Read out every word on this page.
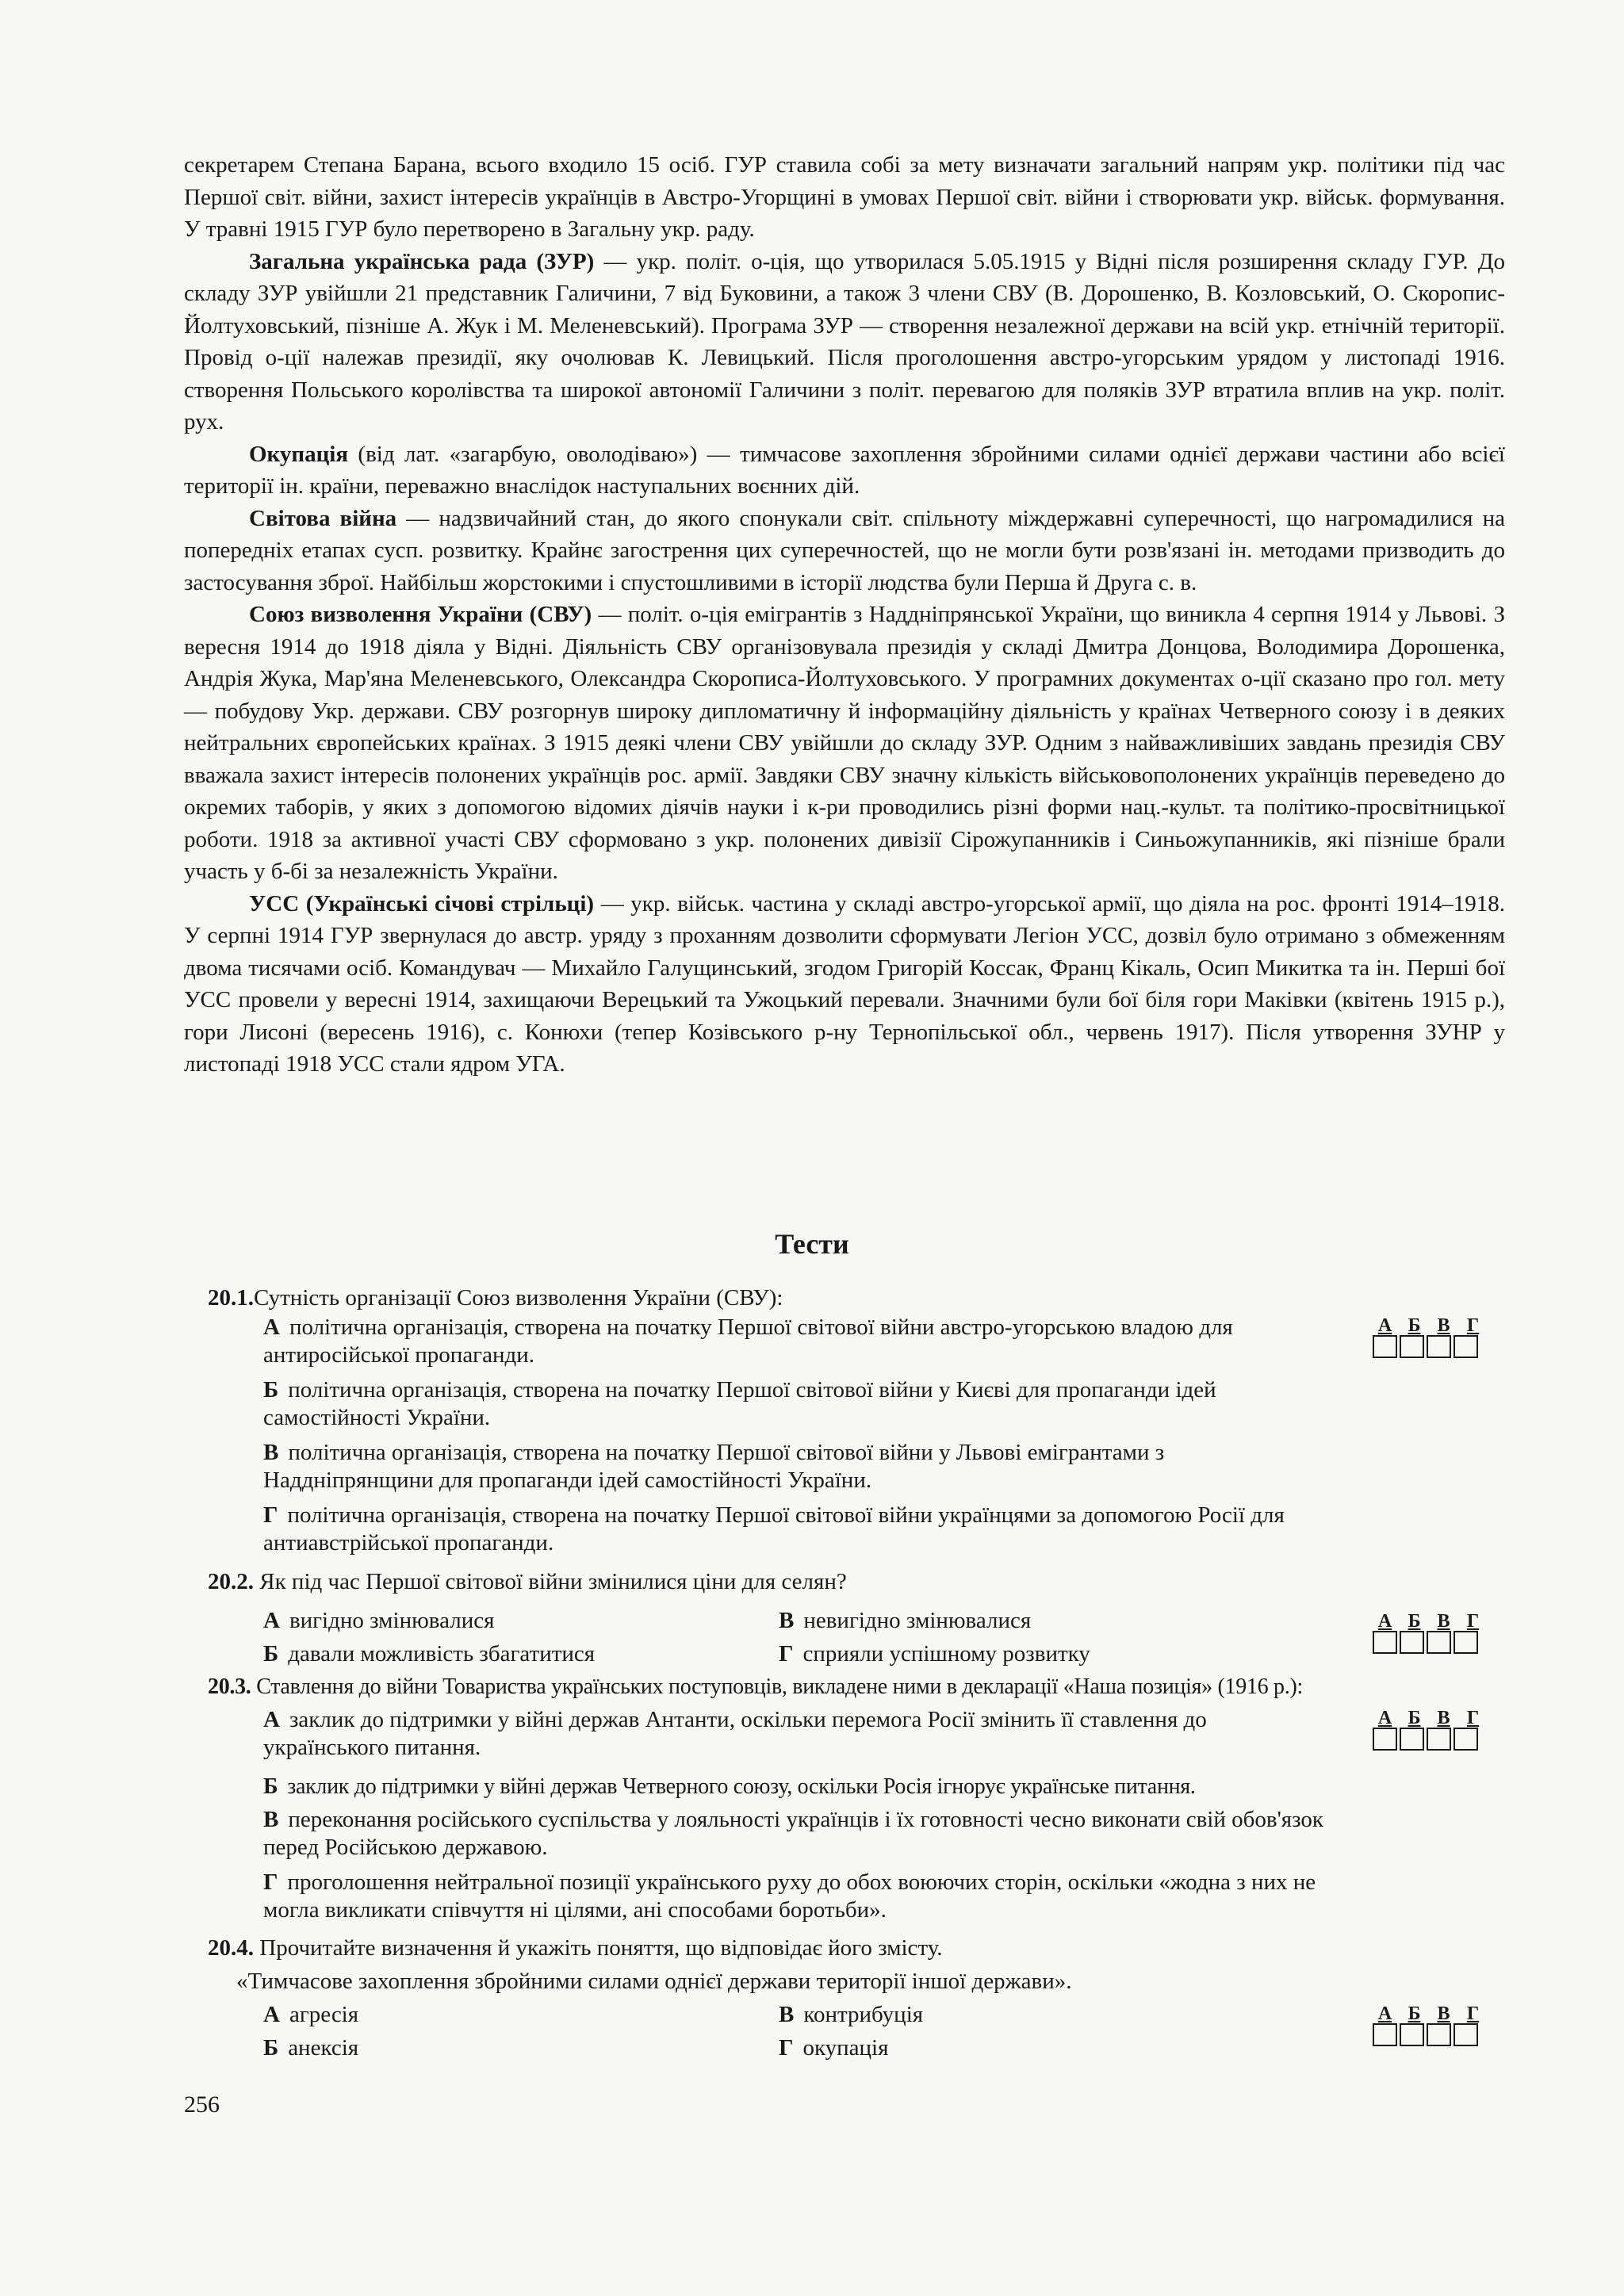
секретарем Степана Барана, всього входило 15 осіб. ГУР ставила собі за мету визначати загальний напрям укр. політики під час Першої світ. війни, захист інтересів українців в Австро-Угорщині в умовах Першої світ. війни і створювати укр. військ. формування. У травні 1915 ГУР було перетворено в Загальну укр. раду.

Загальна українська рада (ЗУР) — укр. політ. о-ція, що утворилася 5.05.1915 у Відні після розширення складу ГУР. До складу ЗУР увійшли 21 представник Галичини, 7 від Буковини, а також 3 члени СВУ (В. Дорошенко, В. Козловський, О. Скоропис-Йолтуховський, пізніше А. Жук і М. Меленевський). Програма ЗУР — створення незалежної держави на всій укр. етнічній території. Провід о-ції належав президії, яку очолював К. Левицький. Після проголошення австро-угорським урядом у листопаді 1916. створення Польського королівства та широкої автономії Галичини з політ. перевагою для поляків ЗУР втратила вплив на укр. політ. рух.

Окупація (від лат. «загарбую, оволодіваю») — тимчасове захоплення збройними силами однієї держави частини або всієї території ін. країни, переважно внаслідок наступальних воєнних дій.

Світова війна — надзвичайний стан, до якого спонукали світ. спільноту міждержавні суперечності, що нагромадилися на попередніх етапах сусп. розвитку. Крайнє загострення цих суперечностей, що не могли бути розв'язані ін. методами призводить до застосування зброї. Найбільш жорстокими і спустошливими в історії людства були Перша й Друга с. в.

Союз визволення України (СВУ) — політ. о-ція емігрантів з Наддніпрянської України, що виникла 4 серпня 1914 у Львові. З вересня 1914 до 1918 діяла у Відні. Діяльність СВУ організовувала президія у складі Дмитра Донцова, Володимира Дорошенка, Андрія Жука, Мар'яна Меленевського, Олександра Скорописа-Йолтуховського. У програмних документах о-ції сказано про гол. мету — побудову Укр. держави. СВУ розгорнув широку дипломатичну й інформаційну діяльність у країнах Четверного союзу і в деяких нейтральних європейських країнах. З 1915 деякі члени СВУ увійшли до складу ЗУР. Одним з найважливіших завдань президія СВУ вважала захист інтересів полонених українців рос. армії. Завдяки СВУ значну кількість військовополонених українців переведено до окремих таборів, у яких з допомогою відомих діячів науки і к-ри проводились різні форми нац.-культ. та політико-просвітницької роботи. 1918 за активної участі СВУ сформовано з укр. полонених дивізії Сірожупанників і Синьожупанників, які пізніше брали участь у б-бі за незалежність України.

УСС (Українські січові стрільці) — укр. військ. частина у складі австро-угорської армії, що діяла на рос. фронті 1914–1918. У серпні 1914 ГУР звернулася до австр. уряду з проханням дозволити сформувати Легіон УСС, дозвіл було отримано з обмеженням двома тисячами осіб. Командувач — Михайло Галущинський, згодом Григорій Коссак, Франц Кікаль, Осип Микитка та ін. Перші бої УСС провели у вересні 1914, захищаючи Верецький та Ужоцький перевали. Значними були бої біля гори Маківки (квітень 1915 р.), гори Лисоні (вересень 1916), с. Конюхи (тепер Козівського р-ну Тернопільської обл., червень 1917). Після утворення ЗУНР у листопаді 1918 УСС стали ядром УГА.

Тести
20.1.Сутність організації Союз визволення України (СВУ):
А політична організація, створена на початку Першої світової війни австро-угорською владою для антиросійської пропаганди.
Б політична організація, створена на початку Першої світової війни у Києві для пропаганди ідей самостійності України.
В політична організація, створена на початку Першої світової війни у Львові емігрантами з Наддніпрянщини для пропаганди ідей самостійності України.
Г політична організація, створена на початку Першої світової війни українцями за допомогою Росії для антиавстрійської пропаганди.
А Б В Г
20.2. Як під час Першої світової війни змінилися ціни для селян?
А вигідно змінювалися	В невигідно змінювалися
Б давали можливість збагатитися	Г сприяли успішному розвитку
А Б В Г
20.3. Ставлення до війни Товариства українських поступовців, викладене ними в декларації «Наша позиція» (1916 р.):
А заклик до підтримки у війні держав Антанти, оскільки перемога Росії змінить її ставлення до українського питання.
Б заклик до підтримки у війні держав Четверного союзу, оскільки Росія ігнорує українське питання.
В переконання російського суспільства у лояльності українців і їх готовності чесно виконати свій обов'язок перед Російською державою.
Г проголошення нейтральної позиції українського руху до обох воюючих сторін, оскільки «жодна з них не могла викликати співчуття ні цілями, ані способами боротьби».
А Б В Г
20.4. Прочитайте визначення й укажіть поняття, що відповідає його змісту.
«Тимчасове захоплення збройними силами однієї держави території іншої держави».
А агресія	В контрибуція
Б анексія	Г окупація
А Б В Г
256
